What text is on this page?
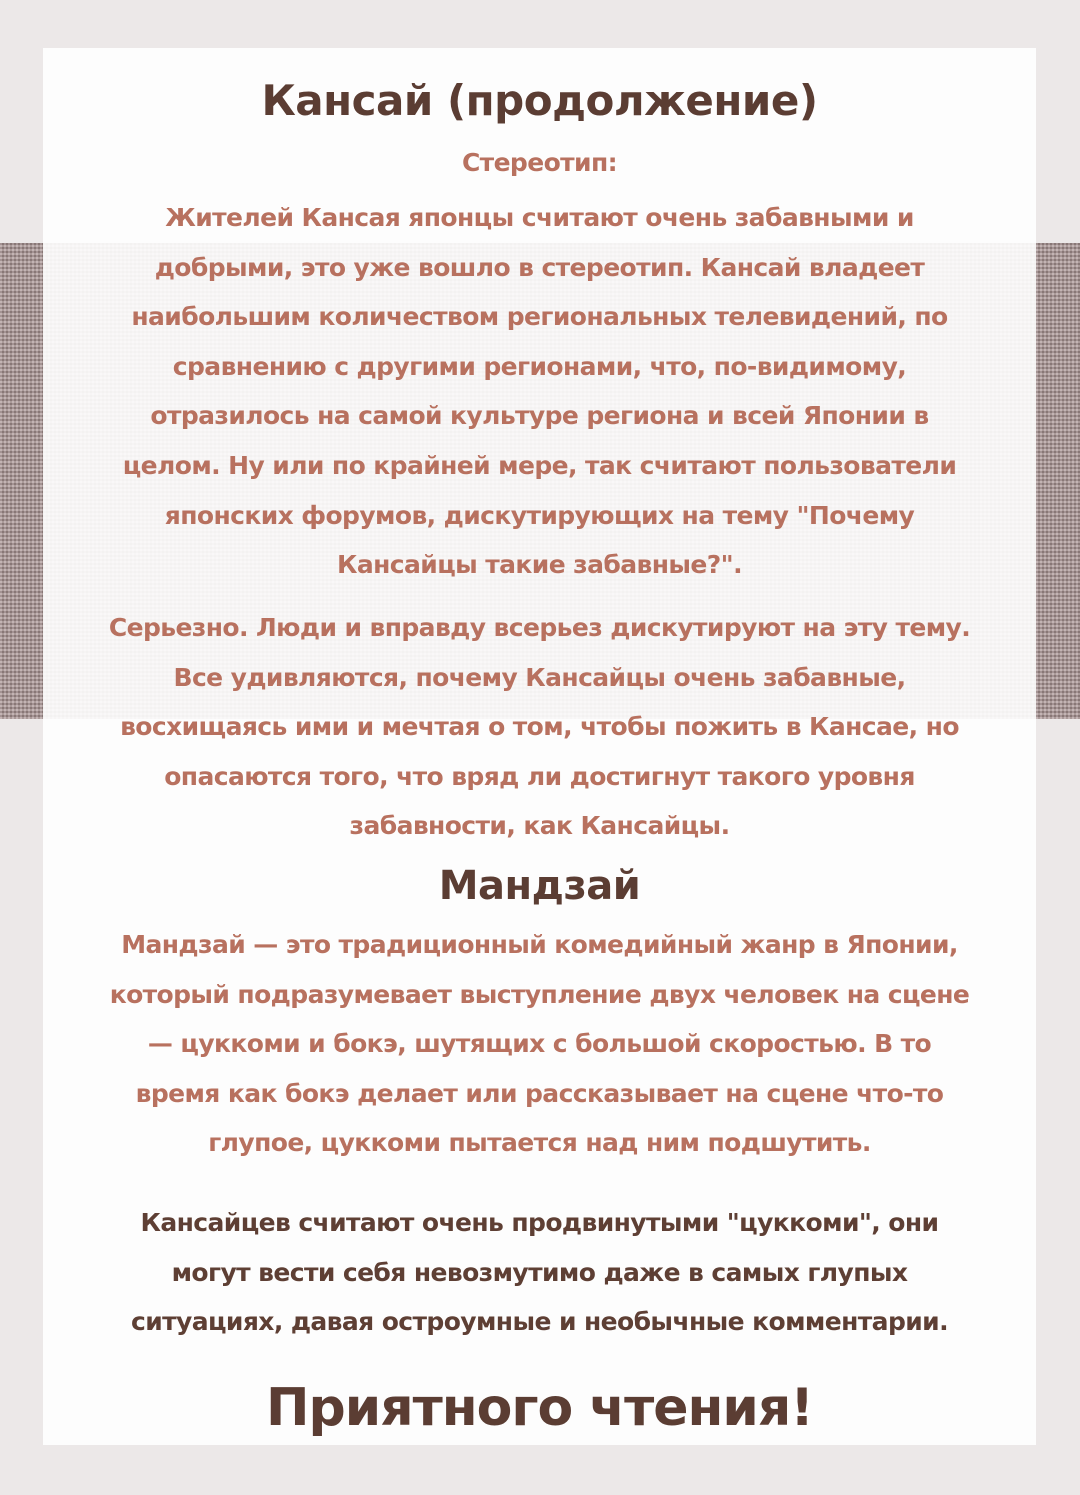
Кансай (продолжение)
Стереотип:

Жителей Кансая японцы считают очень забавными и добрыми, это уже вошло в стереотип. Кансай владеет наибольшим количеством региональных телевидений, по сравнению с другими регионами, что, по-видимому, отразилось на самой культуре региона и всей Японии в целом. Ну или по крайней мере, так считают пользователи японских форумов, дискутирующих на тему "Почему Кансайцы такие забавные?".

Серьезно. Люди и вправду всерьез дискутируют на эту тему. Все удивляются, почему Кансайцы очень забавные, восхищаясь ими и мечтая о том, чтобы пожить в Кансае, но опасаются того, что вряд ли достигнут такого уровня забавности, как Кансайцы.

Мандзай

Мандзай — это традиционный комедийный жанр в Японии, который подразумевает выступление двух человек на сцене — цуккоми и бокэ, шутящих с большой скоростью. В то время как бокэ делает или рассказывает на сцене что-то глупое, цуккоми пытается над ним подшутить.

Кансайцев считают очень продвинутыми "цуккоми", они могут вести себя невозмутимо даже в самых глупых ситуациях, давая остроумные и необычные комментарии.

Приятного чтения!
